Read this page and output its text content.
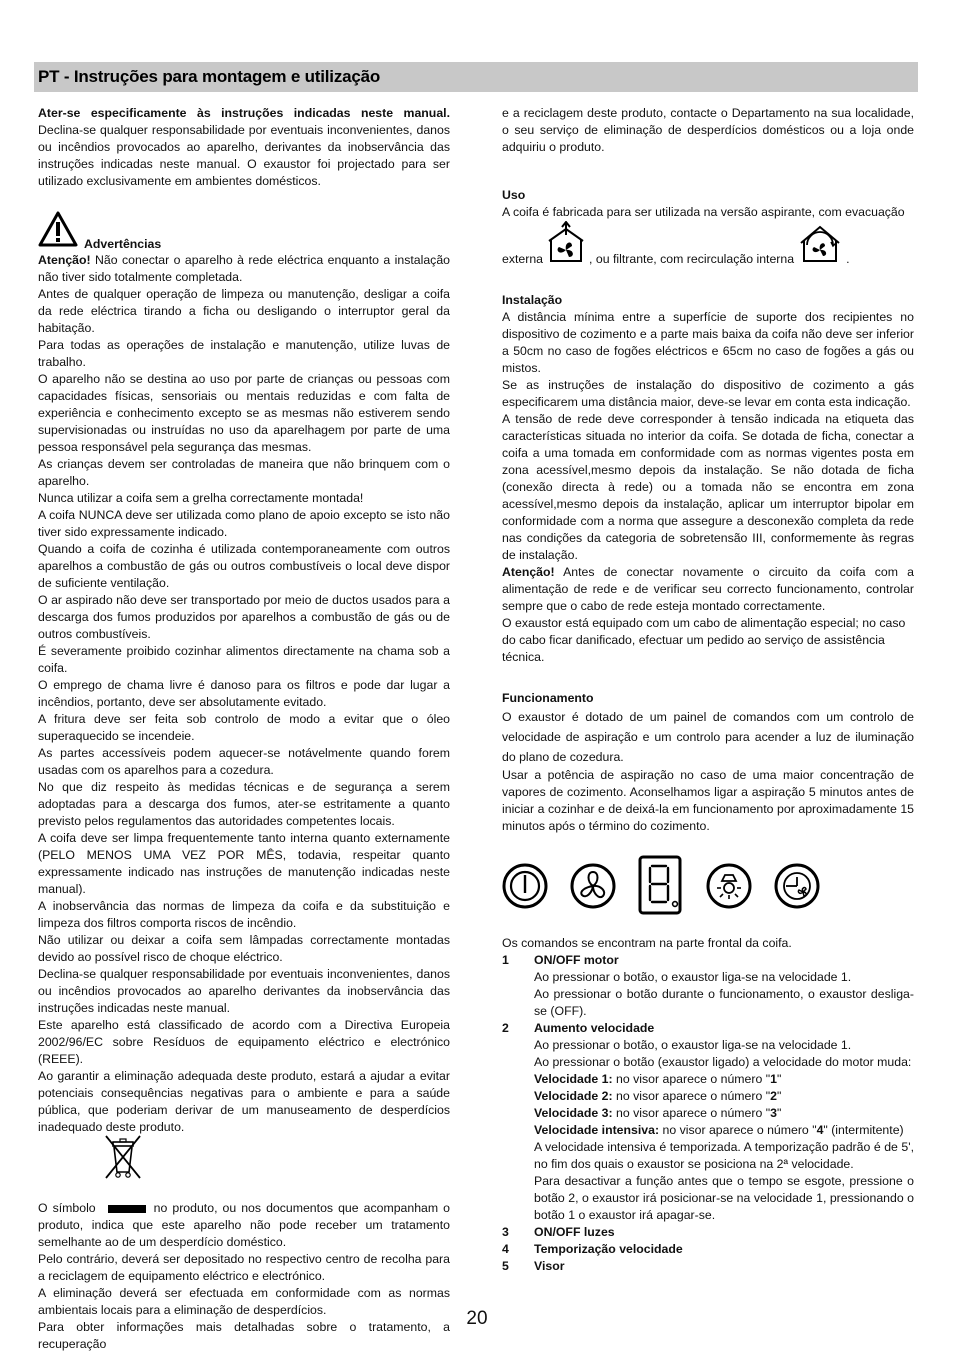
PT - Instruções para montagem e utilização

Ater-se especificamente às instruções indicadas neste manual. Declina-se qualquer responsabilidade por eventuais inconvenientes, danos ou incêndios provocados ao aparelho, derivantes da inobservância das instruções indicadas neste manual. O exaustor foi projectado para ser utilizado exclusivamente em ambientes domésticos.

Advertências

Atenção! Não conectar o aparelho à rede eléctrica enquanto a instalação não tiver sido totalmente completada.

Antes de qualquer operação de limpeza ou manutenção, desligar a coifa da rede eléctrica tirando a ficha ou desligando o interruptor geral da habitação.

Para todas as operações de instalação e manutenção, utilize luvas de trabalho.

O aparelho não se destina ao uso por parte de crianças ou pessoas com capacidades físicas, sensoriais ou mentais reduzidas e com falta de experiência e conhecimento excepto se as mesmas não estiverem sendo supervisionadas ou instruídas no uso da aparelhagem por parte de uma pessoa responsável pela segurança das mesmas.

As crianças devem ser controladas de maneira que não brinquem com o aparelho.

Nunca utilizar a coifa sem a grelha correctamente montada!

A coifa NUNCA deve ser utilizada como plano de apoio excepto se isto não tiver sido expressamente indicado.

Quando a coifa de cozinha é utilizada contemporaneamente com outros aparelhos a combustão de gás ou outros combustíveis o local deve dispor de suficiente ventilação.

O ar aspirado não deve ser transportado por meio de ductos usados para a descarga dos fumos produzidos por aparelhos a combustão de gás ou de outros combustíveis.

É severamente proibido cozinhar alimentos directamente na chama sob a coifa.

O emprego de chama livre é danoso para os filtros e pode dar lugar a incêndios, portanto, deve ser absolutamente evitado.

A fritura deve ser feita sob controlo de modo a evitar que o óleo superaquecido se incendeie.

As partes accessíveis podem aquecer-se notávelmente quando forem usadas com os aparelhos para a cozedura.

No que diz respeito às medidas técnicas e de segurança a serem adoptadas para a descarga dos fumos, ater-se estritamente a quanto previsto pelos regulamentos das autoridades competentes locais.

A coifa deve ser limpa frequentemente tanto interna quanto externamente (PELO MENOS UMA VEZ POR MÊS, todavia, respeitar quanto expressamente indicado nas instruções de manutenção indicadas neste manual).

A inobservância das normas de limpeza da coifa e da substituição e limpeza dos filtros comporta riscos de incêndio.

Não utilizar ou deixar a coifa sem lâmpadas correctamente montadas devido ao possível risco de choque eléctrico.

Declina-se qualquer responsabilidade por eventuais inconvenientes, danos ou incêndios provocados ao aparelho derivantes da inobservância das instruções indicadas neste manual.

Este aparelho está classificado de acordo com a Directiva Europeia 2002/96/EC sobre Resíduos de equipamento eléctrico e electrónico (REEE).

Ao garantir a eliminação adequada deste produto, estará a ajudar a evitar potenciais consequências negativas para o ambiente e para a saúde pública, que poderiam derivar de um manuseamento de desperdícios inadequado deste produto.

O símbolo	no produto, ou nos documentos que acompanham o produto, indica que este aparelho não pode receber um tratamento semelhante ao de um desperdício doméstico.

Pelo contrário, deverá ser depositado no respectivo centro de recolha para a reciclagem de equipamento eléctrico e electrónico.

A eliminação deverá ser efectuada em conformidade com as normas ambientais locais para a eliminação de desperdícios.

Para obter informações mais detalhadas sobre o tratamento, a recuperação

e a reciclagem deste produto, contacte o Departamento na sua localidade, o seu serviço de eliminação de desperdícios domésticos ou a loja onde adquiriu o produto.

Uso

A coifa é fabricada para ser utilizada na versão aspirante, com evacuação

externa	, ou filtrante, com recirculação interna	.

Instalação

A distância mínima entre a superfície de suporte dos recipientes no dispositivo de cozimento e a parte mais baixa da coifa não deve ser inferior a 50cm no caso de fogões eléctricos e 65cm no caso de fogões a gás ou mistos.

Se as instruções de instalação do dispositivo de cozimento a gás especificarem uma distância maior, deve-se levar em conta esta indicação.

A tensão de rede deve corresponder à tensão indicada na etiqueta das características situada no interior da coifa. Se dotada de ficha, conectar a coifa a uma tomada em conformidade com as normas vigentes posta em zona acessível,mesmo depois da instalação. Se não dotada de ficha (conexão directa à rede) ou a tomada não se encontra em zona acessível,mesmo depois da instalação, aplicar um interruptor bipolar em conformidade com a norma que assegure a desconexão completa da rede nas condições da categoria de sobretensão III, conformemente às regras de instalação.

Atenção! Antes de conectar novamente o circuito da coifa com a alimentação de rede e de verificar seu correcto funcionamento, controlar sempre que o cabo de rede esteja montado correctamente.

O exaustor está equipado com um cabo de alimentação especial; no caso do cabo ficar danificado, efectuar um pedido ao serviço de assistência técnica.

Funcionamento

O exaustor é dotado de um painel de comandos com um controlo de velocidade de aspiração e um controlo para acender a luz de iluminação do plano de cozedura.

Usar a potência de aspiração no caso de uma maior concentração de vapores de cozimento. Aconselhamos ligar a aspiração 5 minutos antes de iniciar a cozinhar e de deixá-la em funcionamento por aproximadamente 15 minutos após o término do cozimento.

Os comandos se encontram na parte frontal da coifa.

1	ON/OFF motor

Ao pressionar o botão, o exaustor liga-se na velocidade 1.

Ao pressionar o botão durante o funcionamento, o exaustor desliga-se (OFF).

2	Aumento velocidade

Ao pressionar o botão, o exaustor liga-se na velocidade 1.

Ao pressionar o botão (exaustor ligado) a velocidade do motor muda:

Velocidade 1: no visor aparece o número "1"

Velocidade 2: no visor aparece o número "2"

Velocidade 3: no visor aparece o número "3"

Velocidade intensiva: no visor aparece o número "4" (intermitente)

A velocidade intensiva é temporizada. A temporização padrão é de 5', no fim dos quais o exaustor se posiciona na 2ª velocidade.

Para desactivar a função antes que o tempo se esgote, pressione o botão 2, o exaustor irá posicionar-se na velocidade 1, pressionando o botão 1 o exaustor irá apagar-se.

3	ON/OFF luzes
4	Temporização velocidade
5	Visor
20
